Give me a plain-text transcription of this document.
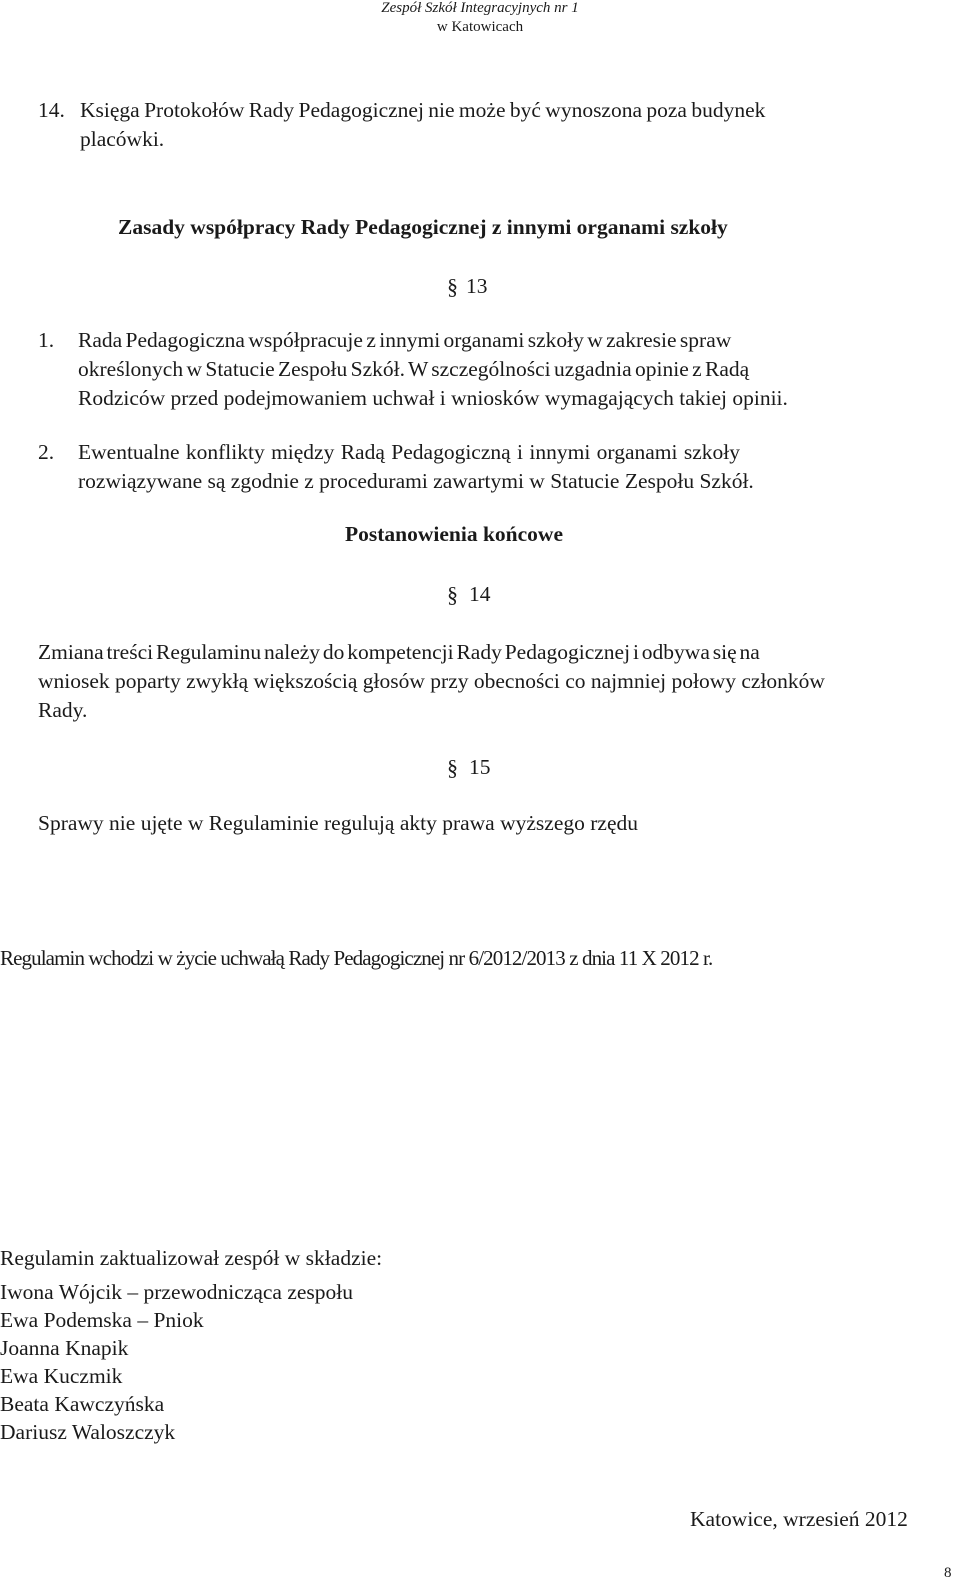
Zespół Szkół Integracyjnych nr 1
w Katowicach
14. Księga Protokołów Rady Pedagogicznej nie może być wynoszona poza budynek
placówki.
Zasady współpracy Rady Pedagogicznej z innymi organami szkoły
§ 13
1. Rada Pedagogiczna współpracuje z innymi organami szkoły w zakresie spraw
określonych w Statucie Zespołu Szkół. W szczególności uzgadnia opinie z Radą
Rodziców przed podejmowaniem uchwał i wniosków wymagających takiej opinii.
2. Ewentualne konflikty między Radą Pedagogiczną i innymi organami szkoły
rozwiązywane są zgodnie z procedurami zawartymi w Statucie Zespołu Szkół.
Postanowienia końcowe
§ 14
Zmiana treści Regulaminu należy do kompetencji Rady Pedagogicznej i odbywa się na
wniosek poparty zwykłą większością głosów przy obecności co najmniej połowy członków
Rady.
§ 15
Sprawy nie ujęte w Regulaminie regulują akty prawa wyższego rzędu
Regulamin wchodzi w życie uchwałą Rady Pedagogicznej nr 6/2012/2013 z dnia 11 X 2012 r.
Regulamin zaktualizował zespół w składzie:
Iwona Wójcik – przewodnicząca zespołu
Ewa Podemska – Pniok
Joanna Knapik
Ewa Kuczmik
Beata Kawczyńska
Dariusz Waloszczyk
Katowice, wrzesień 2012
8
